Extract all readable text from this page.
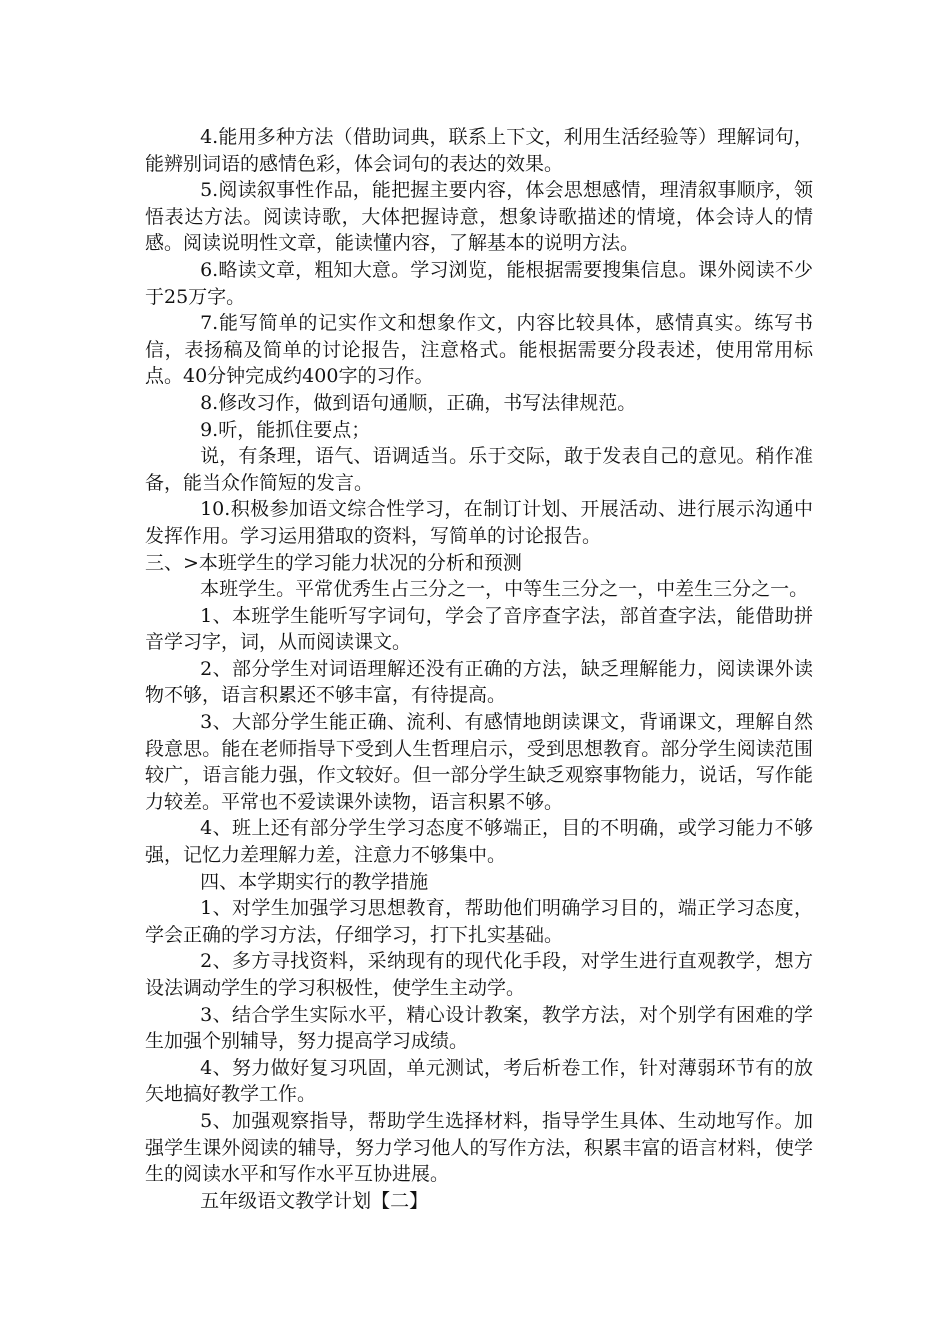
4.能用多种方法（借助词典，联系上下文，利用生活经验等）理解词句，能辨别词语的感情色彩，体会词句的表达的效果。

5.阅读叙事性作品，能把握主要内容，体会思想感情，理清叙事顺序，领悟表达方法。阅读诗歌，大体把握诗意，想象诗歌描述的情境，体会诗人的情感。阅读说明性文章，能读懂内容，了解基本的说明方法。

6.略读文章，粗知大意。学习浏览，能根据需要搜集信息。课外阅读不少于25万字。

7.能写简单的记实作文和想象作文，内容比较具体，感情真实。练写书信，表扬稿及简单的讨论报告，注意格式。能根据需要分段表述，使用常用标点。40分钟完成约400字的习作。

8.修改习作，做到语句通顺，正确，书写法律规范。

9.听，能抓住要点；

说，有条理，语气、语调适当。乐于交际，敢于发表自己的意见。稍作准备，能当众作简短的发言。

10.积极参加语文综合性学习，在制订计划、开展活动、进行展示沟通中发挥作用。学习运用猎取的资料，写简单的讨论报告。

三、>本班学生的学习能力状况的分析和预测

本班学生。平常优秀生占三分之一，中等生三分之一，中差生三分之一。

1、本班学生能听写字词句，学会了音序查字法，部首查字法，能借助拼音学习字，词，从而阅读课文。

2、部分学生对词语理解还没有正确的方法，缺乏理解能力，阅读课外读物不够，语言积累还不够丰富，有待提高。

3、大部分学生能正确、流利、有感情地朗读课文，背诵课文，理解自然段意思。能在老师指导下受到人生哲理启示，受到思想教育。部分学生阅读范围较广，语言能力强，作文较好。但一部分学生缺乏观察事物能力，说话，写作能力较差。平常也不爱读课外读物，语言积累不够。

4、班上还有部分学生学习态度不够端正，目的不明确，或学习能力不够强，记忆力差理解力差，注意力不够集中。

四、本学期实行的教学措施

1、对学生加强学习思想教育，帮助他们明确学习目的，端正学习态度，学会正确的学习方法，仔细学习，打下扎实基础。

2、多方寻找资料，采纳现有的现代化手段，对学生进行直观教学，想方设法调动学生的学习积极性，使学生主动学。

3、结合学生实际水平，精心设计教案，教学方法，对个别学有困难的学生加强个别辅导，努力提高学习成绩。

4、努力做好复习巩固，单元测试，考后析卷工作，针对薄弱环节有的放矢地搞好教学工作。

5、加强观察指导，帮助学生选择材料，指导学生具体、生动地写作。加强学生课外阅读的辅导，努力学习他人的写作方法，积累丰富的语言材料，使学生的阅读水平和写作水平互协进展。

五年级语文教学计划【二】
